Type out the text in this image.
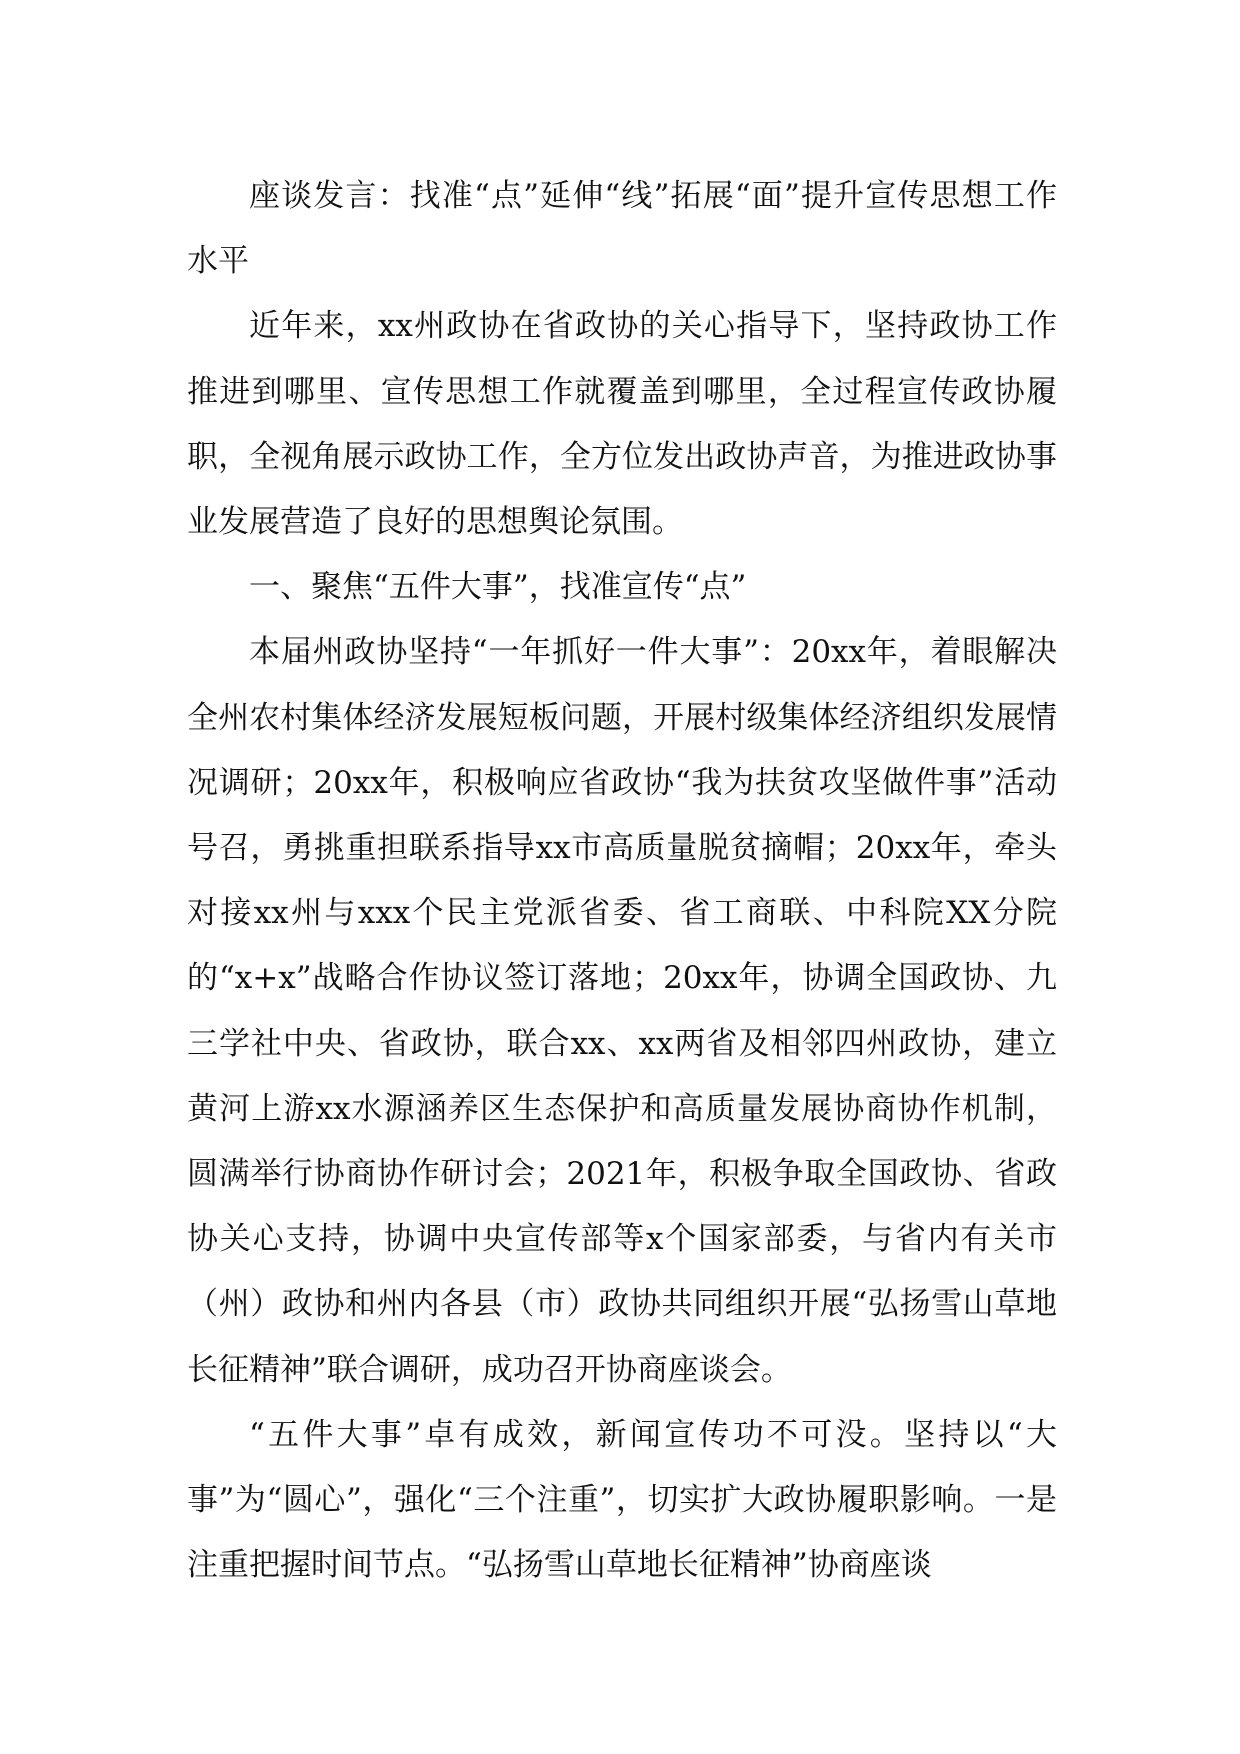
座谈发言：找准“点”延伸“线”拓展“面”提升宣传思想工作水平

近年来，xx州政协在省政协的关心指导下，坚持政协工作推进到哪里、宣传思想工作就覆盖到哪里，全过程宣传政协履职，全视角展示政协工作，全方位发出政协声音，为推进政协事业发展营造了良好的思想舆论氛围。

一、聚焦“五件大事”，找准宣传“点”

本届州政协坚持“一年抓好一件大事”：20xx年，着眼解决全州农村集体经济发展短板问题，开展村级集体经济组织发展情况调研；20xx年，积极响应省政协“我为扶贫攻坚做件事”活动号召，勇挑重担联系指导xx市高质量脱贫摘帽；20xx年，牵头对接xx州与xxx个民主党派省委、省工商联、中科院XX分院的“x+x”战略合作协议签订落地；20xx年，协调全国政协、九三学社中央、省政协，联合xx、xx两省及相邻四州政协，建立黄河上游xx水源涵养区生态保护和高质量发展协商协作机制，圆满举行协商协作研讨会；2021年，积极争取全国政协、省政协关心支持，协调中央宣传部等x个国家部委，与省内有关市（州）政协和州内各县（市）政协共同组织开展“弘扬雪山草地长征精神”联合调研，成功召开协商座谈会。

“五件大事”卓有成效，新闻宣传功不可没。坚持以“大事”为“圆心”，强化“三个注重”，切实扩大政协履职影响。一是注重把握时间节点。“弘扬雪山草地长征精神”协商座谈
